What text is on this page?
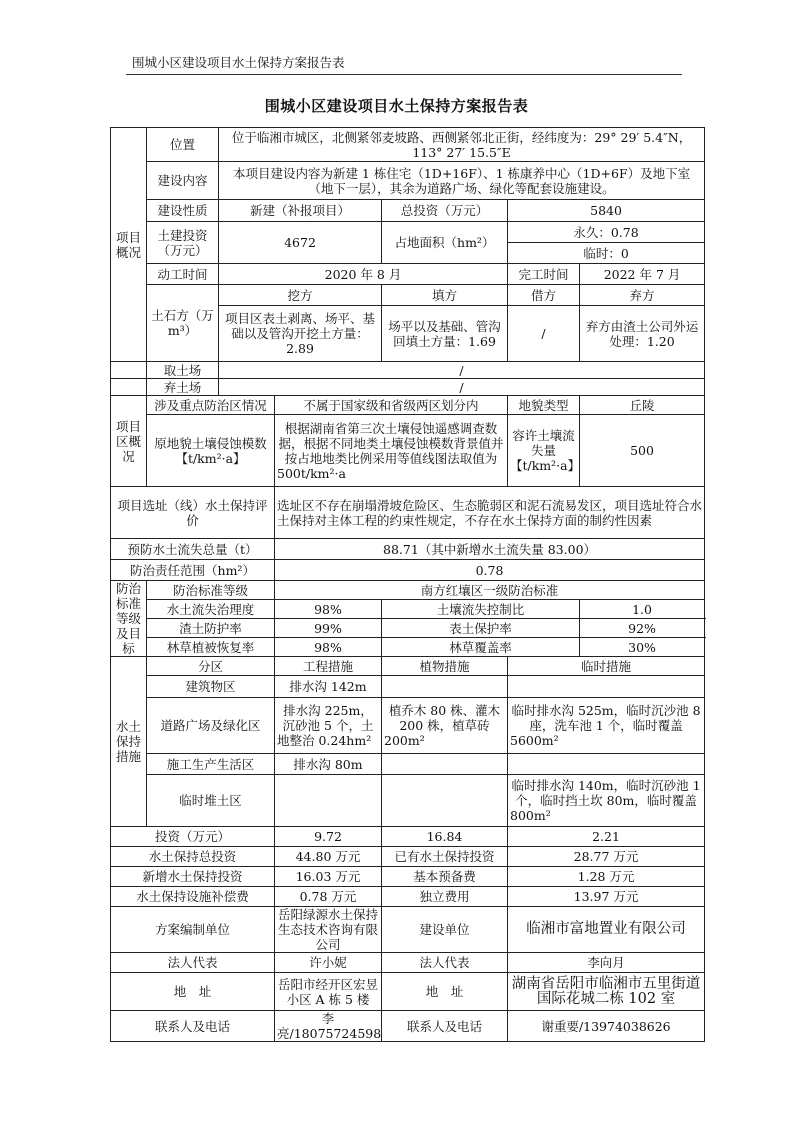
围城小区建设项目水土保持方案报告表
围城小区建设项目水土保持方案报告表
项目概况	位置	位于临湘市城区，北侧紧邻麦坡路、西侧紧邻北正街，经纬度为：29° 29′ 5.4″N，113° 27′ 15.5″E				
	建设内容	本项目建设内容为新建 1 栋住宅（1D+16F）、1 栋康养中心（1D+6F）及地下室（地下一层），其余为道路广场、绿化等配套设施建设。				
	建设性质	新建（补报项目）		总投资（万元）	5840	
	土建投资（万元）	4672		占地面积（hm²）	永久：0.78	
					临时：0	
	动工时间	2020 年 8 月			完工时间	2022 年 7 月
	土石方（万 m³）	挖方		填方	借方	弃方
		项目区表土剥离、场平、基础以及管沟开挖土方量：2.89		场平以及基础、管沟回填土方量：1.69	/	弃方由渣土公司外运处理：1.20
	取土场	/				
	弃土场	/				
项目区概况	涉及重点防治区情况		不属于国家级和省级两区划分内		地貌类型	丘陵
	原地貌土壤侵蚀模数【t/km²·a】		根据湖南省第三次土壤侵蚀遥感调查数据，根据不同地类土壤侵蚀模数背景值并按占地地类比例采用等值线图法取值为 500t/km²·a		容许土壤流失量【t/km²·a】	500
项目选址（线）水土保持评价			选址区不存在崩塌滑坡危险区、生态脆弱区和泥石流易发区，项目选址符合水土保持对主体工程的约束性规定，不存在水土保持方面的制约性因素			
预防水土流失总量（t）			88.71（其中新增水土流失量 83.00）			
防治责任范围（hm²）			0.78			
防治标准等级及目标	防治标准等级		南方红壤区一级防治标准			
	水土流失治理度		98%	土壤流失控制比		1.0
	渣土防护率		99%	表土保护率		92%
	林草植被恢复率		98%	林草覆盖率		30%
水土保持措施	分区		工程措施	植物措施	临时措施	
	建筑物区		排水沟 142m			
	道路广场及绿化区		排水沟 225m，沉砂池 5 个，土地整治 0.24hm²	植乔木 80 株、灌木 200 株，植草砖 200m²	临时排水沟 525m，临时沉沙池 8 座，洗车池 1 个，临时覆盖 5600m²	
	施工生产生活区		排水沟 80m			
	临时堆土区				临时排水沟 140m，临时沉砂池 1 个，临时挡土坎 80m，临时覆盖 800m²	
投资（万元）			9.72	16.84	2.21	
水土保持总投资			44.80 万元	已有水土保持投资	28.77 万元	
新增水土保持投资			16.03 万元	基本预备费	1.28 万元	
水土保持设施补偿费			0.78 万元	独立费用	13.97 万元	
方案编制单位			岳阳绿源水土保持生态技术咨询有限公司	建设单位	临湘市富地置业有限公司	
法人代表			许小妮	法人代表	李向月	
地　址			岳阳市经开区宏昱小区 A 栋 5 楼	地　址	湖南省岳阳市临湘市五里街道国际花城二栋 102 室	
联系人及电话			李亮/18075724598	联系人及电话	谢重要/13974038626	
